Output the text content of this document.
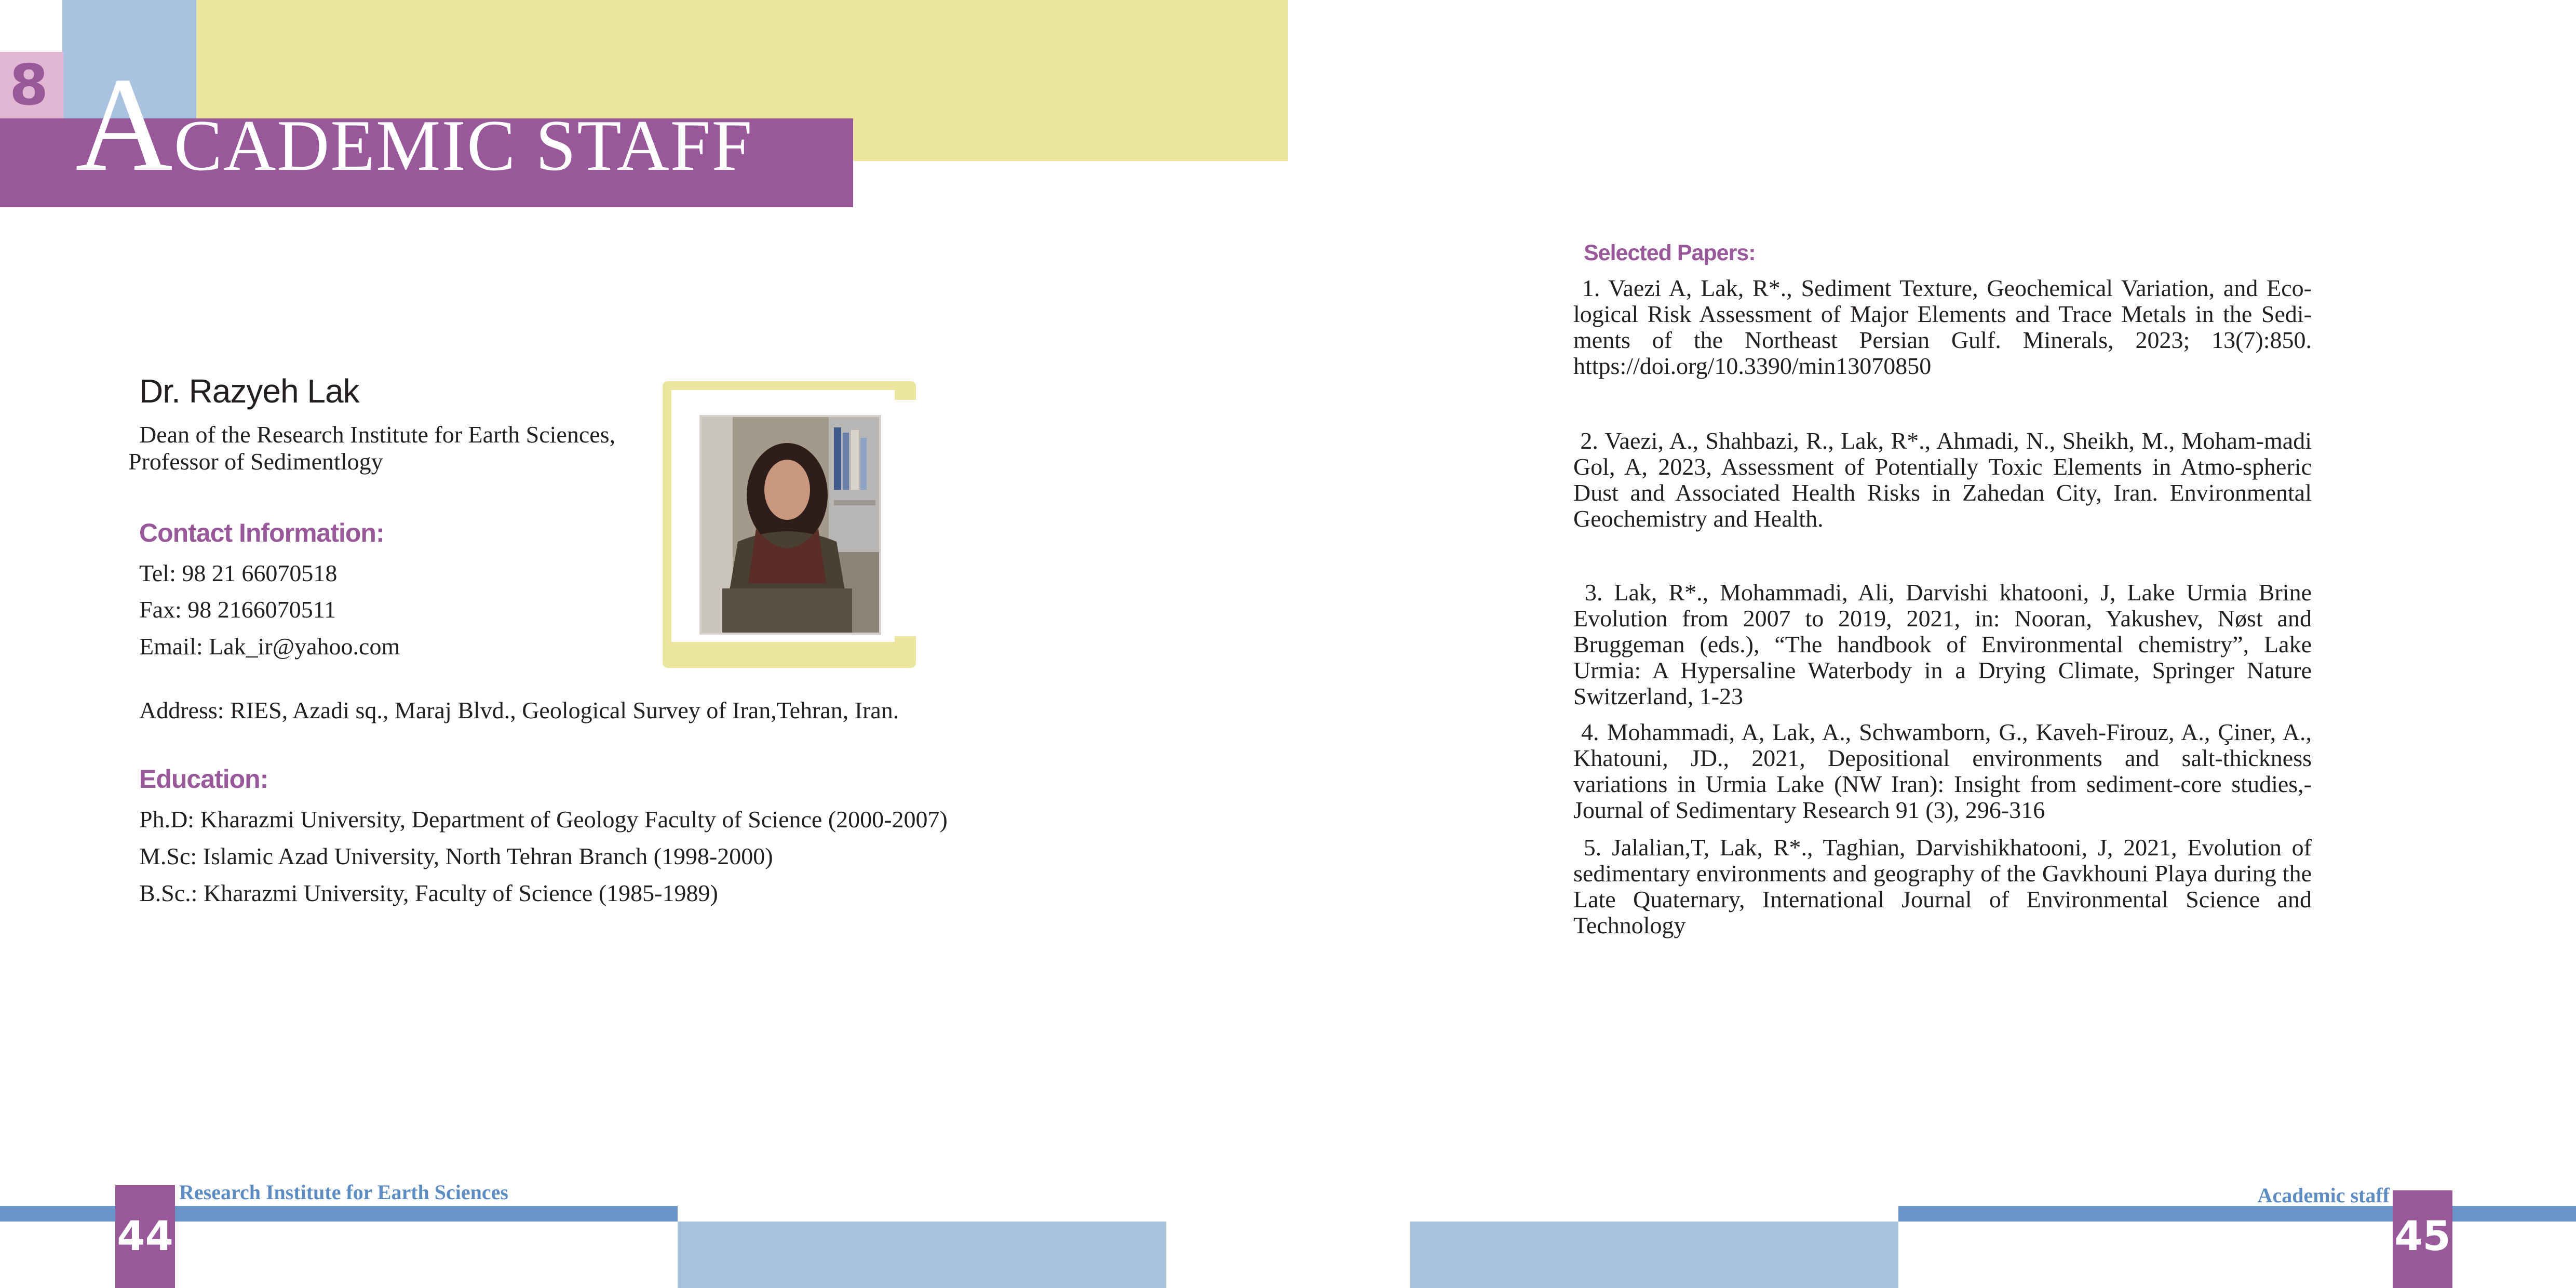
8 ACADEMIC STAFF
Dr. Razyeh Lak
Dean of the Research Institute for Earth Sciences,
Professor of Sedimentlogy
Contact Information:
Tel: 98 21 66070518
Fax: 98 2166070511
Email: Lak_ir@yahoo.com
Address: RIES, Azadi sq., Maraj Blvd., Geological Survey of Iran,Tehran, Iran.
Education:
Ph.D: Kharazmi University, Department of Geology Faculty of Science (2000-2007)
M.Sc: Islamic Azad University, North Tehran Branch (1998-2000)
B.Sc.: Kharazmi University, Faculty of Science (1985-1989)
Selected Papers:
1. Vaezi A, Lak, R*., Sediment Texture, Geochemical Variation, and Eco-logical Risk Assessment of Major Elements and Trace Metals in the Sedi-ments of the Northeast Persian Gulf. Minerals, 2023; 13(7):850. https://doi.org/10.3390/min13070850
2. Vaezi, A., Shahbazi, R., Lak, R*., Ahmadi, N., Sheikh, M., Moham-madi Gol, A, 2023, Assessment of Potentially Toxic Elements in Atmo-spheric Dust and Associated Health Risks in Zahedan City, Iran. Environmental Geochemistry and Health.
3. Lak, R*., Mohammadi, Ali, Darvishi khatooni, J, Lake Urmia Brine Evolution from 2007 to 2019, 2021, in: Nooran, Yakushev, Nøst and Bruggeman (eds.), “The handbook of Environmental chemistry”, Lake Urmia: A Hypersaline Waterbody in a Drying Climate, Springer Nature Switzerland, 1-23
4. Mohammadi, A, Lak, A., Schwamborn, G., Kaveh-Firouz, A., Çiner, A., Khatouni, JD., 2021, Depositional environments and salt-thickness variations in Urmia Lake (NW Iran): Insight from sediment-core studies,-Journal of Sedimentary Research 91 (3), 296-316
5. Jalalian,T, Lak, R*., Taghian, Darvishikhatooni, J, 2021, Evolution of sedimentary environments and geography of the Gavkhouni Playa during the Late Quaternary, International Journal of Environmental Science and Technology
44
Research Institute for Earth Sciences
45
Academic staff
